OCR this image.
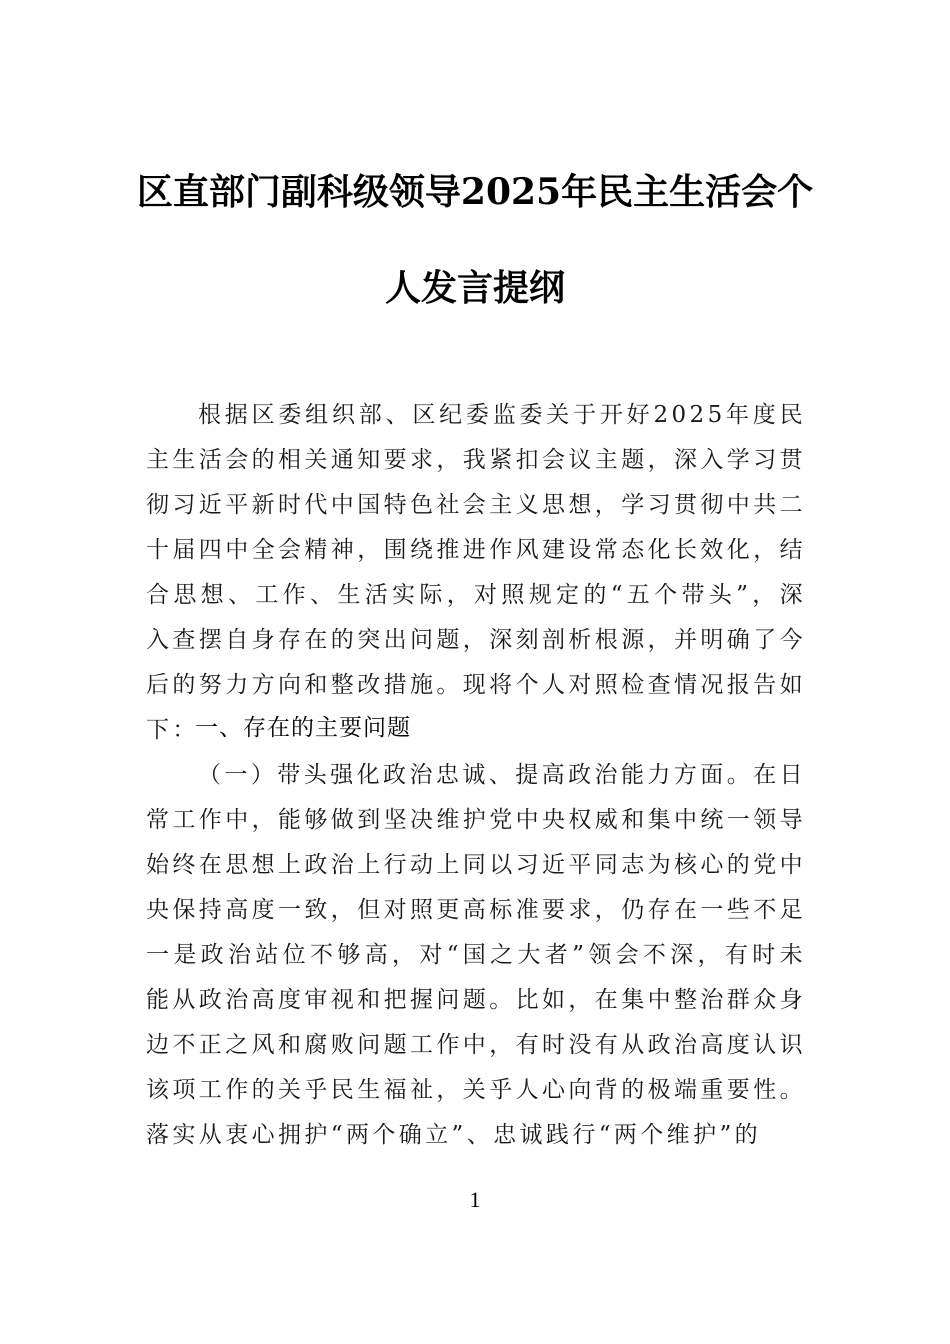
区直部门副科级领导2025年民主生活会个
人发言提纲

根据区委组织部、区纪委监委关于开好2025年度民主生活会的相关通知要求，我紧扣会议主题，深入学习贯彻习近平新时代中国特色社会主义思想，学习贯彻中共二十届四中全会精神，围绕推进作风建设常态化长效化，结合思想、工作、生活实际，对照规定的“五个带头”，深入查摆自身存在的突出问题，深刻剖析根源，并明确了今后的努力方向和整改措施。现将个人对照检查情况报告如下：

一、存在的主要问题

（一）带头强化政治忠诚、提高政治能力方面。在日常工作中，能够做到坚决维护党中央权威和集中统一领导始终在思想上政治上行动上同以习近平同志为核心的党中央保持高度一致，但对照更高标准要求，仍存在一些不足一是政治站位不够高，对“国之大者”领会不深，有时未能从政治高度审视和把握问题。比如，在集中整治群众身边不正之风和腐败问题工作中，有时没有从政治高度认识该项工作的关乎民生福祉，关乎人心向背的极端重要性。落实从衷心拥护“两个确立”、忠诚践行“两个维护”的

1
